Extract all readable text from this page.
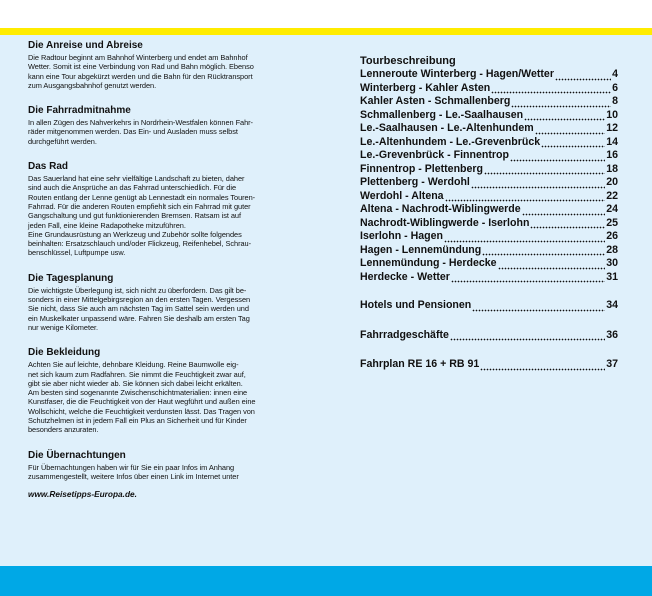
Die Anreise und Abreise

Die Radtour beginnt am Bahnhof Winterberg und endet am Bahnhof
Wetter. Somit ist eine Verbindung von Rad und Bahn möglich. Ebenso
kann eine Tour abgekürzt werden und die Bahn für den Rücktransport
zum Ausgangsbahnhof genutzt werden.

Die Fahrradmitnahme

In allen Zügen des Nahverkehrs in Nordrhein-Westfalen können Fahr-
räder mitgenommen werden. Das Ein- und Ausladen muss selbst
durchgeführt werden.

Das Rad

Das Sauerland hat eine sehr vielfältige Landschaft zu bieten, daher
sind auch die Ansprüche an das Fahrrad unterschiedlich. Für die
Routen entlang der Lenne genügt ab Lennestadt ein normales Touren-
Fahrrad. Für die anderen Routen empfiehlt sich ein Fahrrad mit guter
Gangschaltung und gut funktionierenden Bremsen. Ratsam ist auf
jeden Fall, eine kleine Radapotheke mitzuführen.
Eine Grundausrüstung an Werkzeug und Zubehör sollte folgendes
beinhalten: Ersatzschlauch und/oder Flickzeug, Reifenhebel, Schrau-
benschlüssel, Luftpumpe usw.

Die Tagesplanung

Die wichtigste Überlegung ist, sich nicht zu überfordern. Das gilt be-
sonders in einer Mittelgebirgsregion an den ersten Tagen. Vergessen
Sie nicht, dass Sie auch am nächsten Tag im Sattel sein werden und
ein Muskelkater unpassend wäre. Fahren Sie deshalb am ersten Tag
nur wenige Kilometer.

Die Bekleidung

Achten Sie auf leichte, dehnbare Kleidung. Reine Baumwolle eig-
net sich kaum zum Radfahren. Sie nimmt die Feuchtigkeit zwar auf,
gibt sie aber nicht wieder ab. Sie können sich dabei leicht erkälten.
Am besten sind sogenannte Zwischenschichtmaterialien: innen eine
Kunstfaser, die die Feuchtigkeit von der Haut wegführt und außen eine
Wollschicht, welche die Feuchtigkeit verdunsten lässt. Das Tragen von
Schutzhelmen ist in jedem Fall ein Plus an Sicherheit und für Kinder
besonders anzuraten.

Die Übernachtungen

Für Übernachtungen haben wir für Sie ein paar Infos im Anhang
zusammengestellt, weitere Infos über einen Link im Internet unter

www.Reisetipps-Europa.de.
Tourbeschreibung
Lenneroute Winterberg - Hagen/Wetter	4
Winterberg - Kahler Asten	6
Kahler Asten - Schmallenberg	8
Schmallenberg - Le.-Saalhausen	10
Le.-Saalhausen - Le.-Altenhundem	12
Le.-Altenhundem - Le.-Grevenbrück	14
Le.-Grevenbrück - Finnentrop	16
Finnentrop - Plettenberg	18
Plettenberg - Werdohl	20
Werdohl - Altena	22
Altena - Nachrodt-Wiblingwerde	24
Nachrodt-Wiblingwerde - Iserlohn	25
Iserlohn - Hagen	26
Hagen - Lennemündung	28
Lennemündung - Herdecke	30
Herdecke - Wetter	31
Hotels und Pensionen	34
Fahrradgeschäfte	36
Fahrplan RE 16 + RB 91	37
